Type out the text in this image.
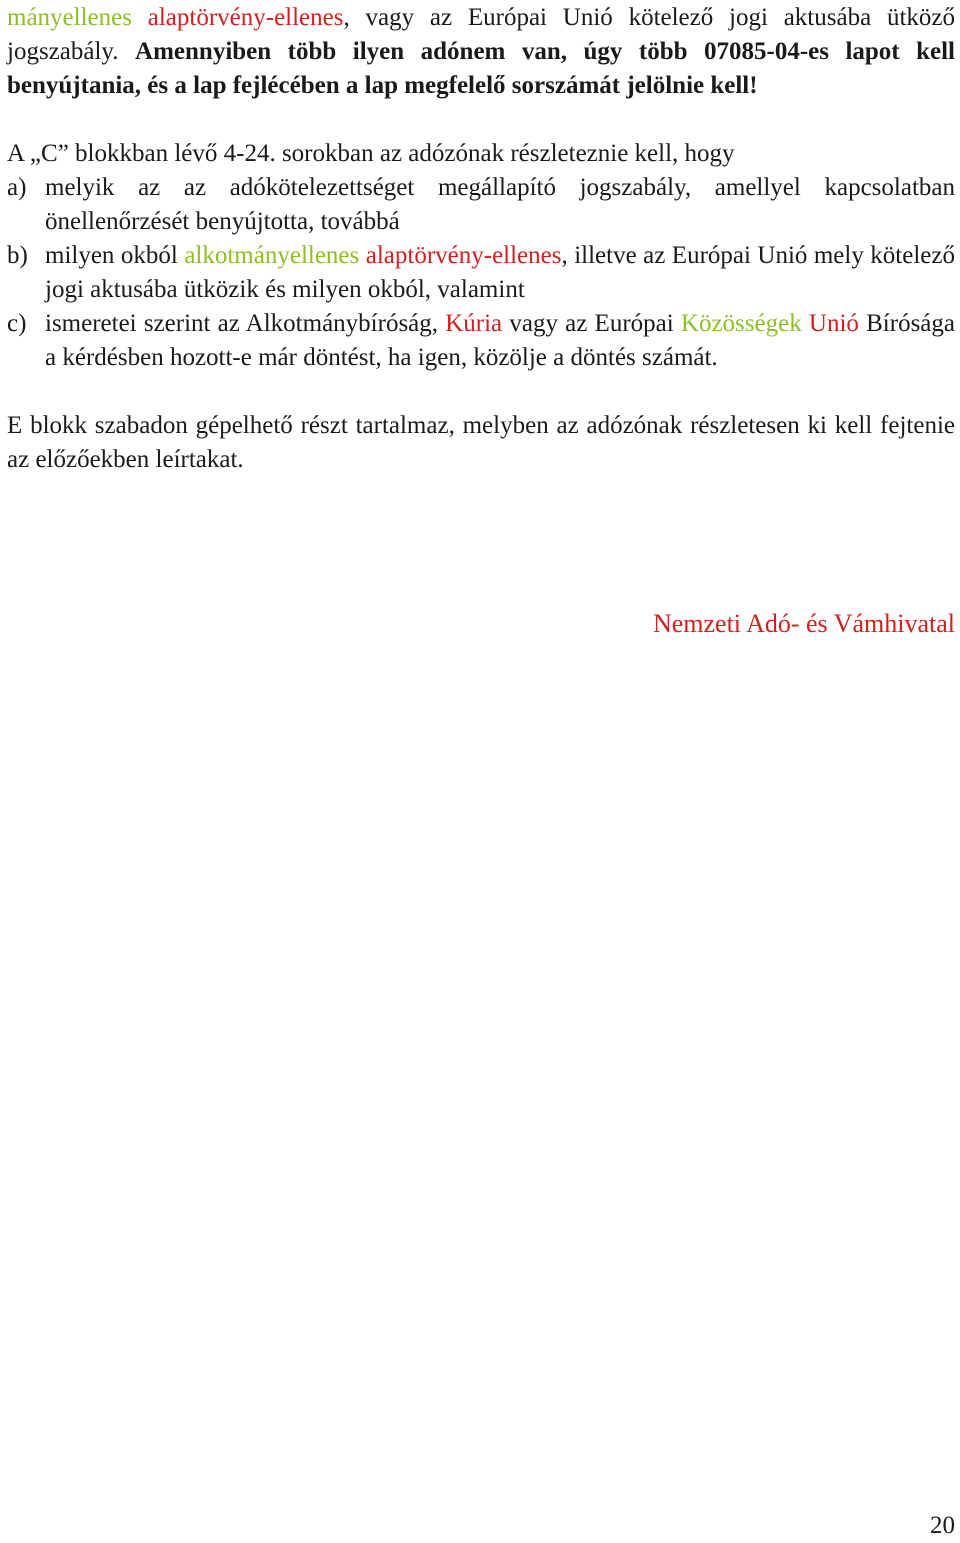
mányellenes alaptörvény-ellenes, vagy az Európai Unió kötelező jogi aktusába ütköző jogszabály. Amennyiben több ilyen adónem van, úgy több 07085-04-es lapot kell benyújtania, és a lap fejlécében a lap megfelelő sorszámát jelölnie kell!

A „C” blokkban lévő 4-24. sorokban az adózónak részleteznie kell, hogy

a) melyik az az adókötelezettséget megállapító jogszabály, amellyel kapcsolatban önellenőrzését benyújtotta, továbbá

b) milyen okból alkotmányellenes alaptörvény-ellenes, illetve az Európai Unió mely kötelező jogi aktusába ütközik és milyen okból, valamint

c) ismeretei szerint az Alkotmánybíróság, Kúria vagy az Európai Közösségek Unió Bírósága a kérdésben hozott-e már döntést, ha igen, közölje a döntés számát.

E blokk szabadon gépelhető részt tartalmaz, melyben az adózónak részletesen ki kell fejtenie az előzőekben leírtakat.

Nemzeti Adó- és Vámhivatal
20
